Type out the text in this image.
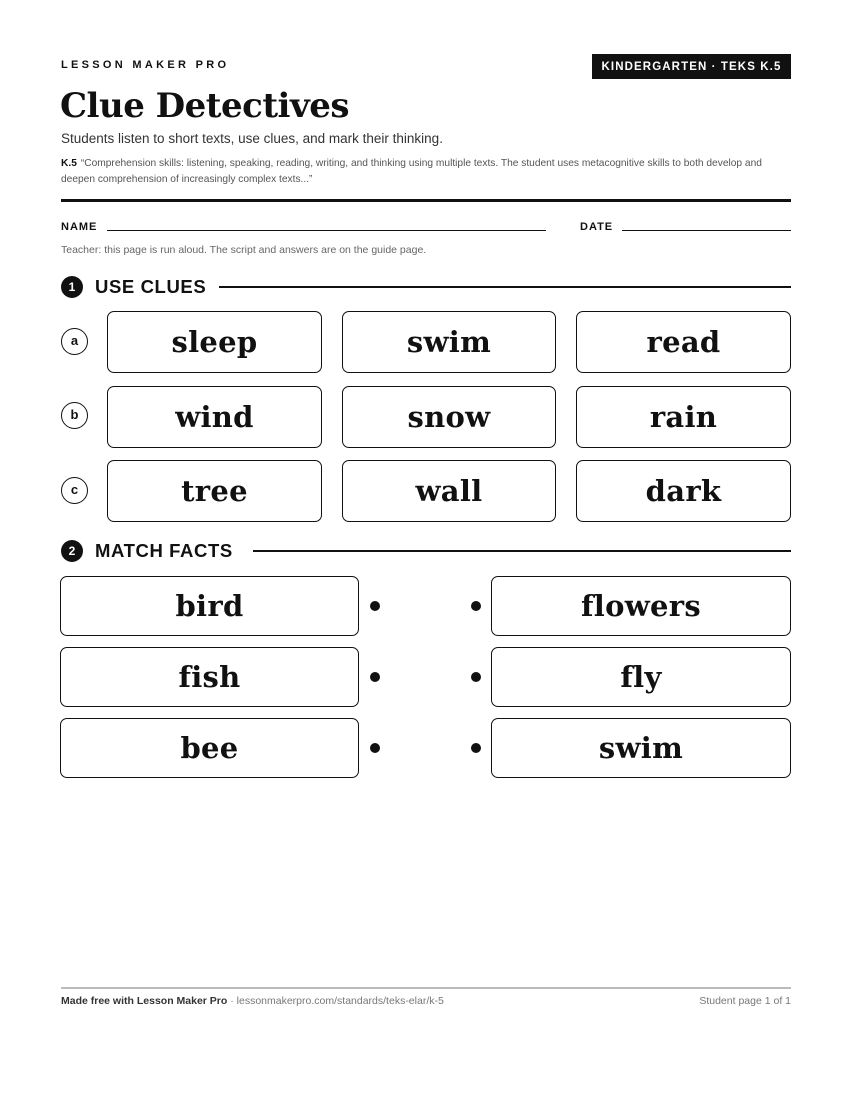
LESSON MAKER PRO	KINDERGARTEN · TEKS K.5
Clue Detectives

Students listen to short texts, use clues, and mark their thinking.

K.5 “Comprehension skills: listening, speaking, reading, writing, and thinking using multiple texts. The student uses metacognitive skills to both develop and deepen comprehension of increasingly complex texts...”

NAME	DATE

Teacher: this page is run aloud. The script and answers are on the guide page.

1	USE CLUES
a	sleep	swim	read
b	wind	snow	rain
c	tree	wall	dark
2	MATCH FACTS
bird	flowers
fish	fly
bee	swim
Made free with Lesson Maker Pro · lessonmakerpro.com/standards/teks-elar/k-5	Student page 1 of 1
